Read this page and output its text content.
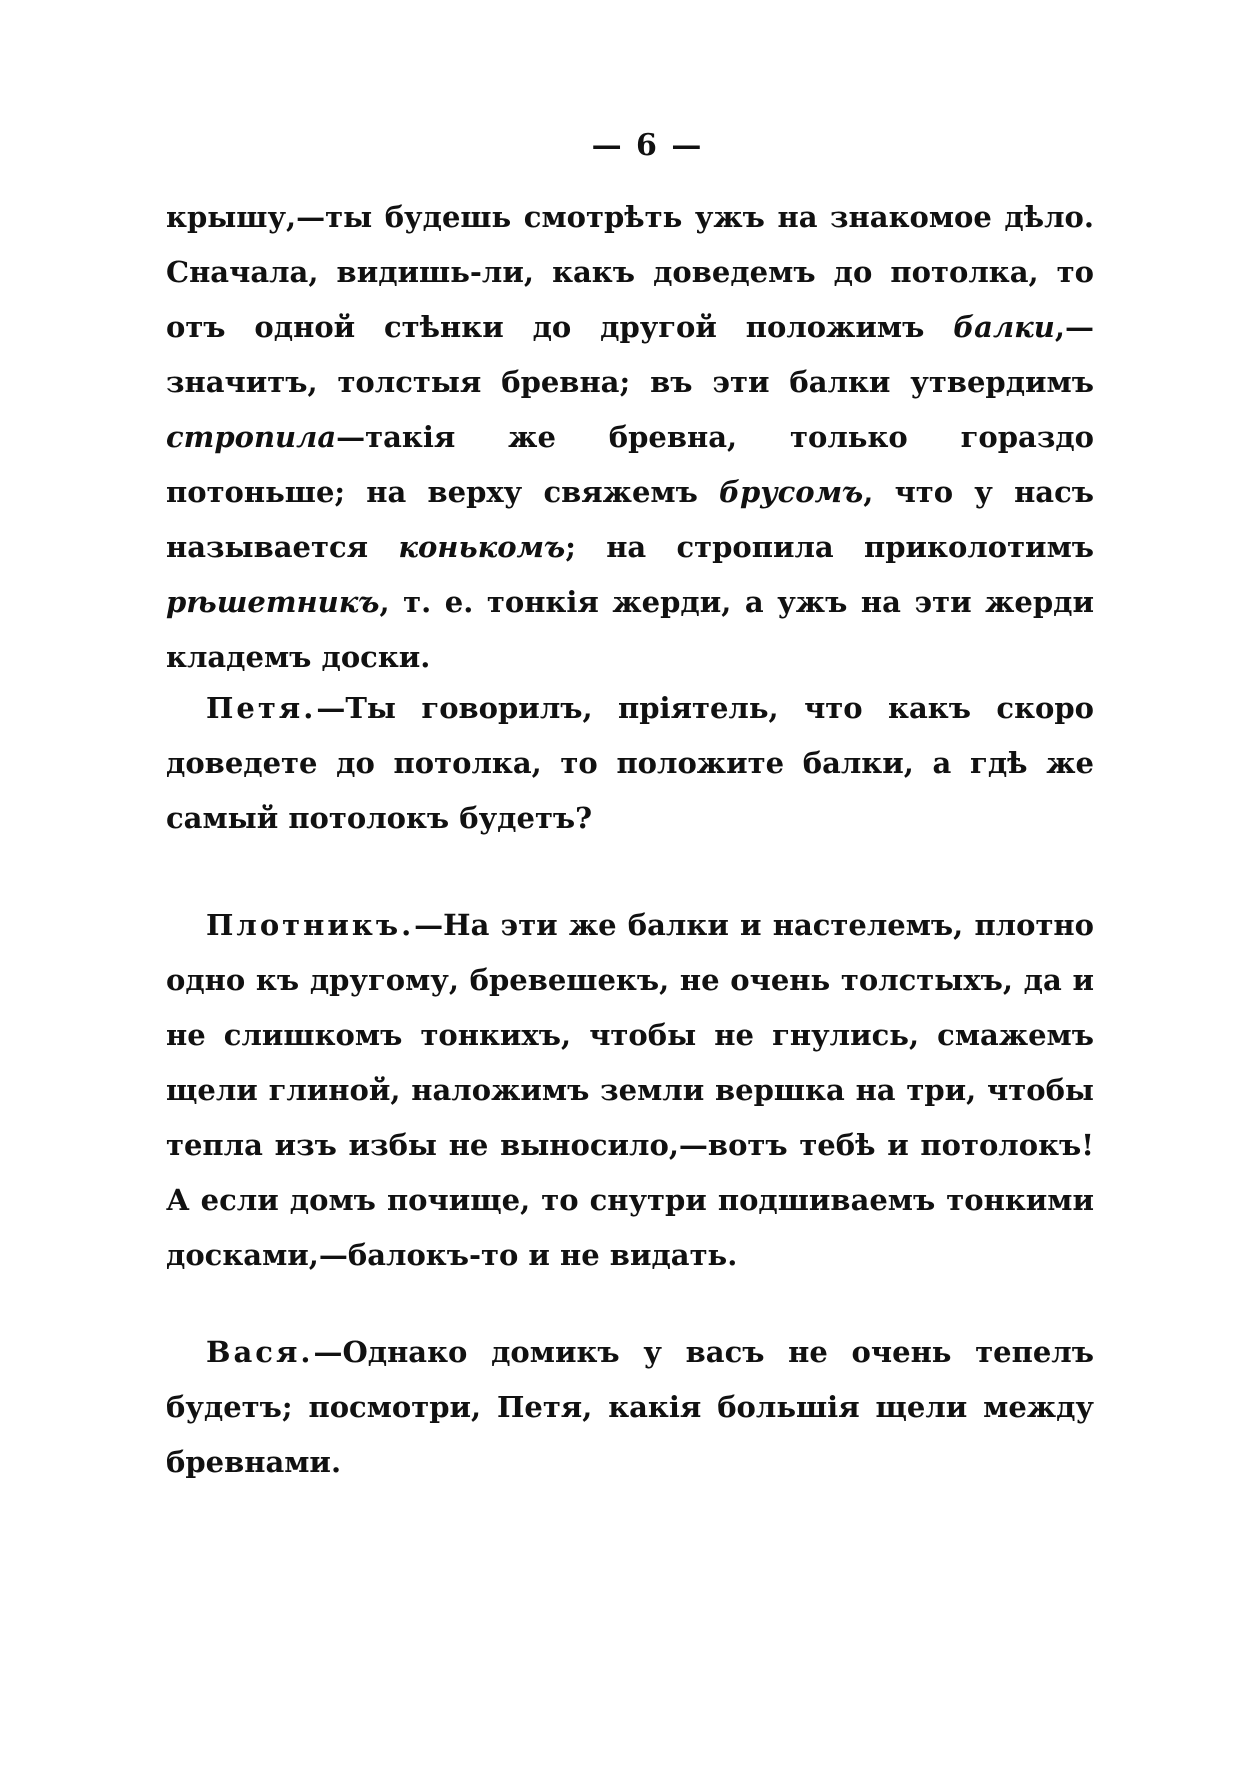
— 6 —

крышу,—ты будешь смотрѣть ужъ на знакомое дѣло. Сначала, видишь-ли, какъ доведемъ до потолка, то отъ одной стѣнки до другой положимъ балки,—значитъ, толстыя бревна; въ эти балки утвердимъ стропила—такія же бревна, только гораздо потоньше; на верху свяжемъ брусомъ, что у насъ называется конькомъ; на стропила приколотимъ рѣшетникъ, т. е. тонкія жерди, а ужъ на эти жерди кладемъ доски.

Петя.—Ты говорилъ, пріятель, что какъ скоро доведете до потолка, то положите балки, а гдѣ же самый потолокъ будетъ?

Плотникъ.—На эти же балки и настелемъ, плотно одно къ другому, бревешекъ, не очень толстыхъ, да и не слишкомъ тонкихъ, чтобы не гнулись, смажемъ щели глиной, наложимъ земли вершка на три, чтобы тепла изъ избы не выносило,—вотъ тебѣ и потолокъ! А если домъ почище, то снутри подшиваемъ тонкими досками,—балокъ-то и не видать.

Вася.—Однако домикъ у васъ не очень тепелъ будетъ; посмотри, Петя, какія большія щели между бревнами.
